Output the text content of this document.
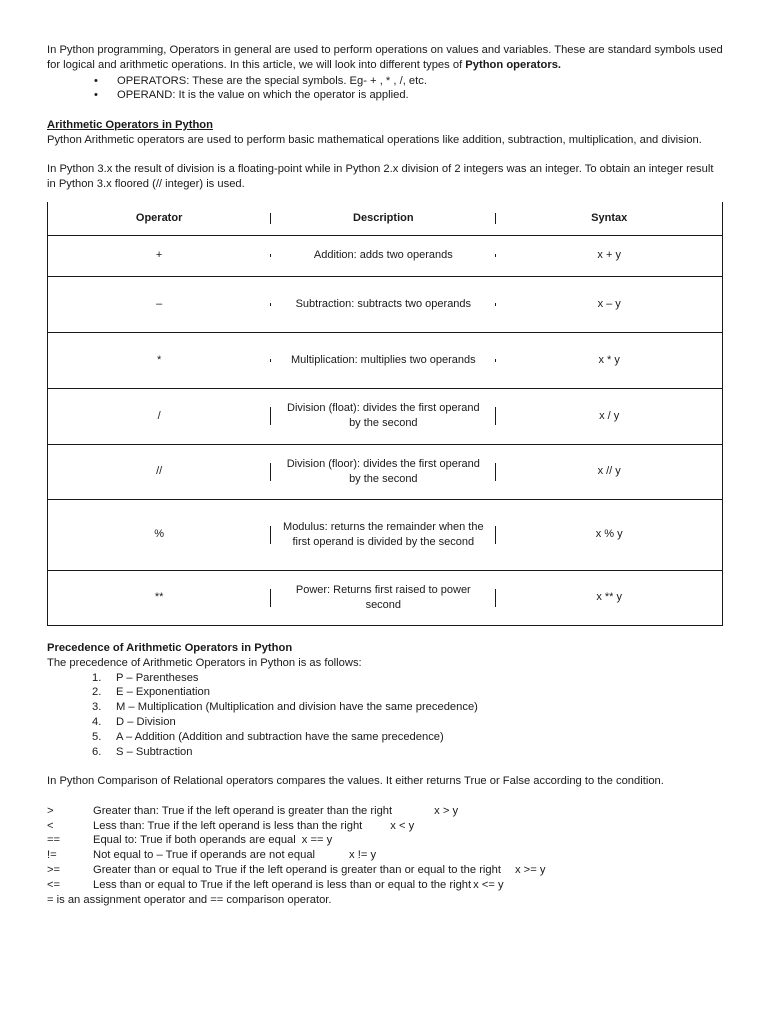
In Python programming, Operators in general are used to perform operations on values and variables. These are standard symbols used for logical and arithmetic operations. In this article, we will look into different types of Python operators.

• OPERATORS: These are the special symbols. Eg- + , * , /, etc.
• OPERAND: It is the value on which the operator is applied.

Arithmetic Operators in Python

Python Arithmetic operators are used to perform basic mathematical operations like addition, subtraction, multiplication, and division.

In Python 3.x the result of division is a floating-point while in Python 2.x division of 2 integers was an integer. To obtain an integer result in Python 3.x floored (// integer) is used.

Operator	Description	Syntax

+	Addition: adds two operands	x + y

–	Subtraction: subtracts two operands	x – y

*	Multiplication: multiplies two operands	x * y

/	Division (float): divides the first operand by the second	x / y

//	Division (floor): divides the first operand by the second	x // y

%	Modulus: returns the remainder when the first operand is divided by the second	x % y

**	Power: Returns first raised to power second	x ** y

Precedence of Arithmetic Operators in Python

The precedence of Arithmetic Operators in Python is as follows:

1. P – Parentheses
2. E – Exponentiation
3. M – Multiplication (Multiplication and division have the same precedence)
4. D – Division
5. A – Addition (Addition and subtraction have the same precedence)
6. S – Subtraction

In Python Comparison of Relational operators compares the values. It either returns True or False according to the condition.

>	Greater than: True if the left operand is greater than the right	x > y
<	Less than: True if the left operand is less than the right	x < y
==	Equal to: True if both operands are equal x == y
!=	Not equal to – True if operands are not equal	x != y
>=	Greater than or equal to True if the left operand is greater than or equal to the right x >= y
<=	Less than or equal to True if the left operand is less than or equal to the right x <= y

= is an assignment operator and == comparison operator.
